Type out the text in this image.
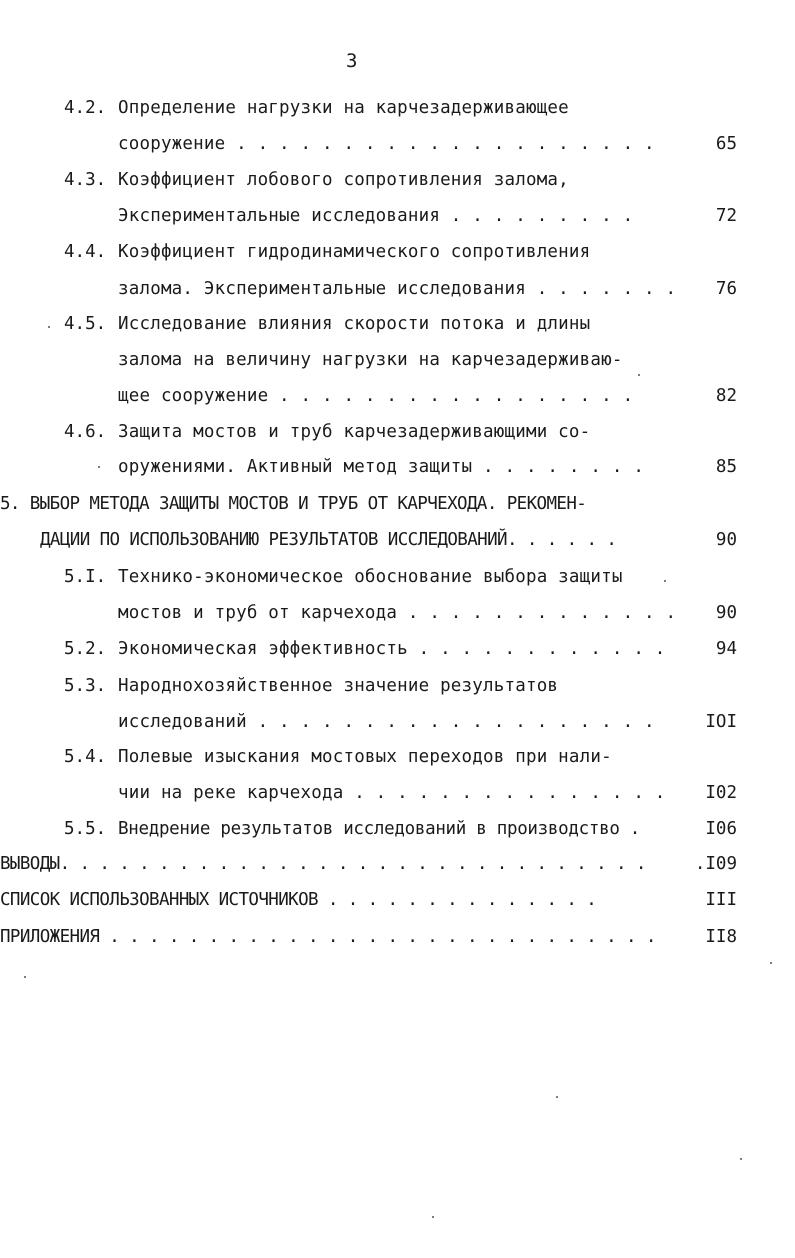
3
4.2. Определение нагрузки на карчезадерживающее
сооружение . . . . . . . . . . . . . . . . . . . .	65
4.3. Коэффициент лобового сопротивления залома,
Экспериментальные исследования . . . . . . . . .	72
4.4. Коэффициент гидродинамического сопротивления
залома. Экспериментальные исследования . . . . . . . 76
4.5. Исследование влияния скорости потока и длины
залома на величину нагрузки на карчезадерживаю-
щее сооружение . . . . . . . . . . . . . . . . .	82
4.6. Защита мостов и труб карчезадерживающими со-
оружениями. Активный метод защиты . . . . . . . .	85
5. ВЫБОР МЕТОДА ЗАЩИТЫ МОСТОВ И ТРУБ ОТ КАРЧЕХОДА. РЕКОМЕН-
ДАЦИИ ПО ИСПОЛЬЗОВАНИЮ РЕЗУЛЬТАТОВ ИССЛЕДОВАНИЙ. . . . . .	90
5.I. Технико-экономическое обоснование выбора защиты
мостов и труб от карчехода . . . . . . . . . . . . . 90
5.2. Экономическая эффективность . . . . . . . . . . . .	94
5.3. Народнохозяйственное значение результатов
исследований . . . . . . . . . . . . . . . . . . .	IOI
5.4. Полевые изыскания мостовых переходов при нали-
чии на реке карчехода . . . . . . . . . . . . . . . I02
5.5. Внедрение результатов исследований в производство .	I06
ВЫВОДЫ. . . . . . . . . . . . . . . . . . . . . . . . . . . . . .	.I09
СПИСОК ИСПОЛЬЗОВАННЫХ ИСТОЧНИКОВ . . . . . . . . . . . . . .	III
ПРИЛОЖЕНИЯ . . . . . . . . . . . . . . . . . . . . . . . . . . . .	II8
